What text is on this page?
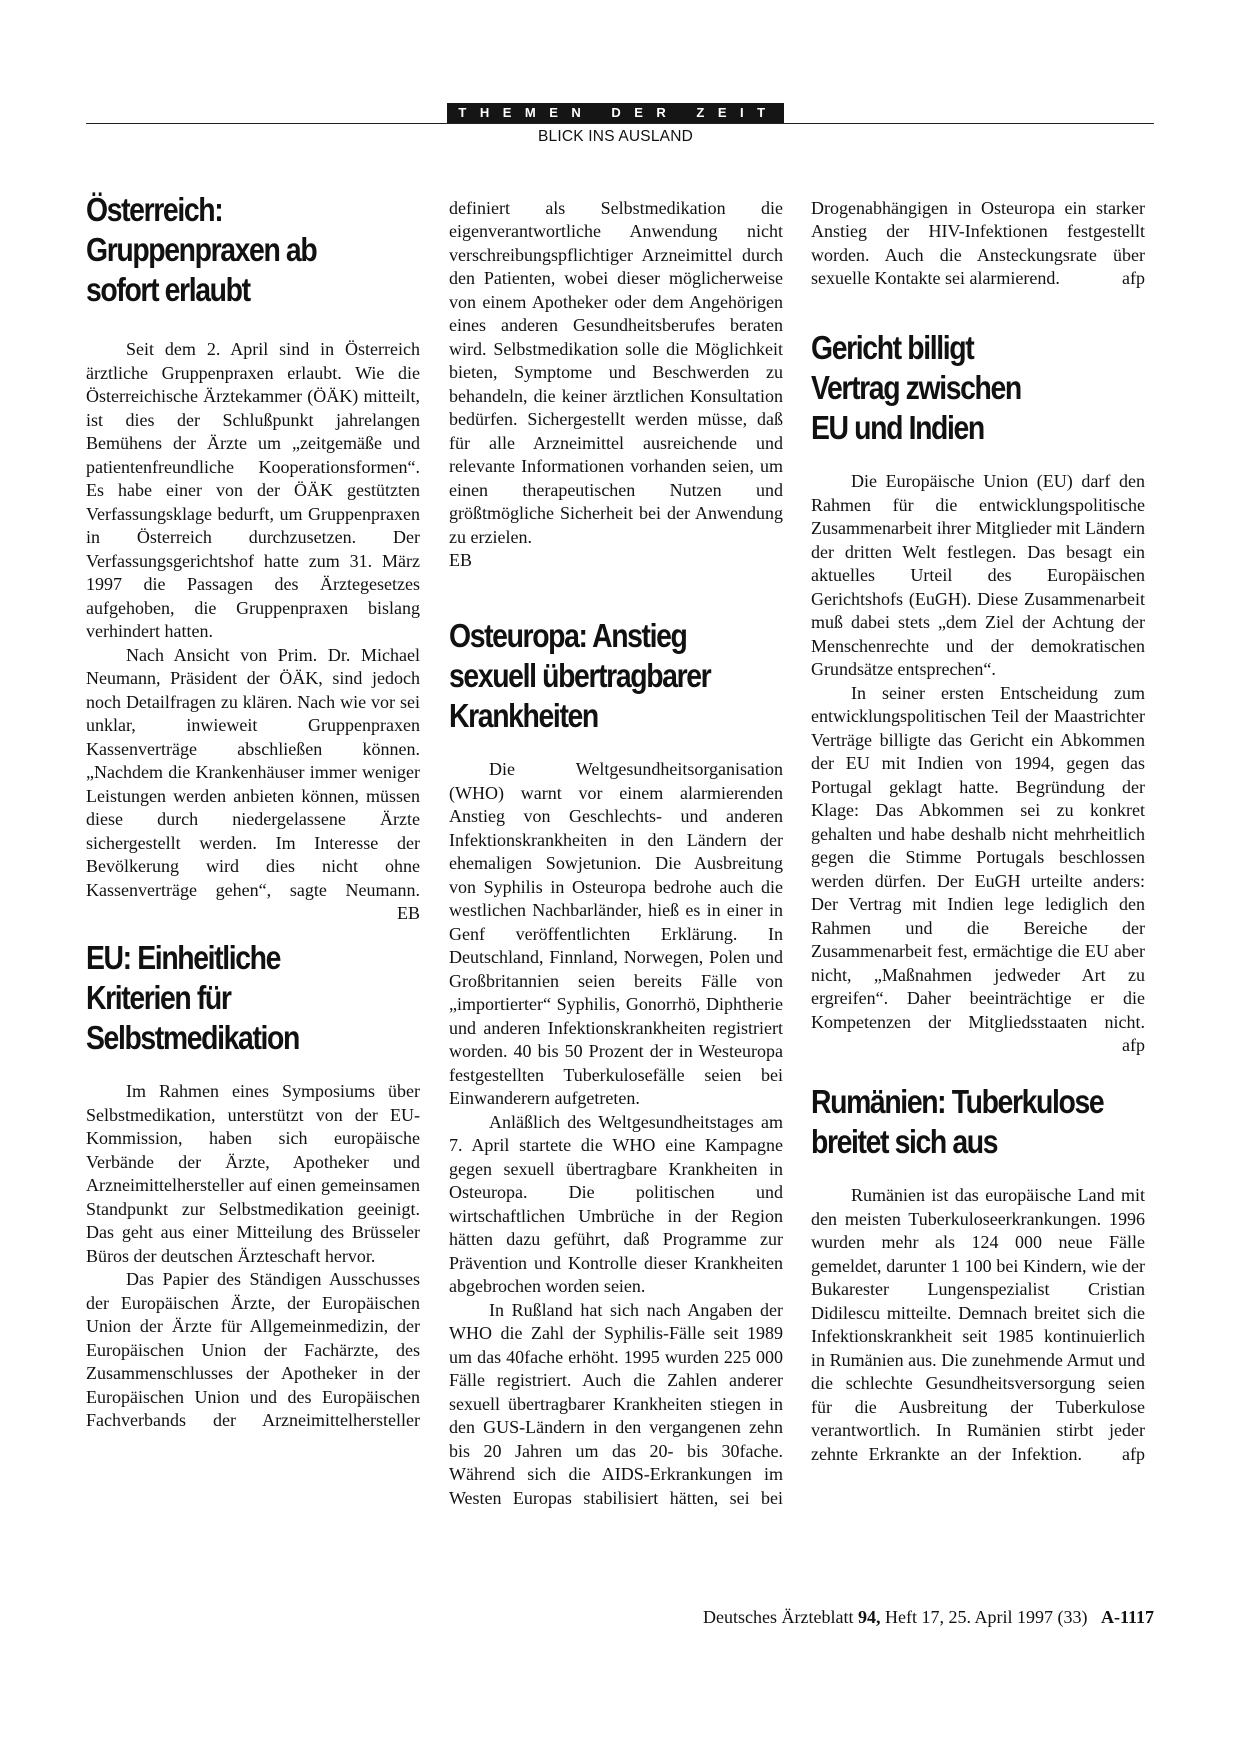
THEMEN DER ZEIT
BLICK INS AUSLAND
Österreich:
Gruppenpraxen ab
sofort erlaubt

Seit dem 2. April sind in Österreich ärztliche Gruppenpraxen erlaubt. Wie die Österreichische Ärztekammer (ÖÄK) mitteilt, ist dies der Schlußpunkt jahrelangen Bemühens der Ärzte um „zeitgemäße und patientenfreundliche Kooperationsformen“. Es habe einer von der ÖÄK gestützten Verfassungsklage bedurft, um Gruppenpraxen in Österreich durchzusetzen. Der Verfassungsgerichtshof hatte zum 31. März 1997 die Passagen des Ärztegesetzes aufgehoben, die Gruppenpraxen bislang verhindert hatten.

Nach Ansicht von Prim. Dr. Michael Neumann, Präsident der ÖÄK, sind jedoch noch Detailfragen zu klären. Nach wie vor sei unklar, inwieweit Gruppenpraxen Kassenverträge abschließen können. „Nachdem die Krankenhäuser immer weniger Leistungen werden anbieten können, müssen diese durch niedergelassene Ärzte sichergestellt werden. Im Interesse der Bevölkerung wird dies nicht ohne Kassenverträge gehen“, sagte Neumann.
EB

EU: Einheitliche
Kriterien für
Selbstmedikation

Im Rahmen eines Symposiums über Selbstmedikation, unterstützt von der EU-Kommission, haben sich europäische Verbände der Ärzte, Apotheker und Arzneimittelhersteller auf einen gemeinsamen Standpunkt zur Selbstmedikation geeinigt. Das geht aus einer Mitteilung des Brüsseler Büros der deutschen Ärzteschaft hervor.

Das Papier des Ständigen Ausschusses der Europäischen Ärzte, der Europäischen Union der Ärzte für Allgemeinmedizin, der Europäischen Union der Fachärzte, des Zusammenschlusses der Apotheker in der Europäischen Union und des Europäischen Fachverbands der Arzneimittelhersteller

definiert als Selbstmedikation die eigenverantwortliche Anwendung nicht verschreibungspflichtiger Arzneimittel durch den Patienten, wobei dieser möglicherweise von einem Apotheker oder dem Angehörigen eines anderen Gesundheitsberufes beraten wird. Selbstmedikation solle die Möglichkeit bieten, Symptome und Beschwerden zu behandeln, die keiner ärztlichen Konsultation bedürfen. Sichergestellt werden müsse, daß für alle Arzneimittel ausreichende und relevante Informationen vorhanden seien, um einen therapeutischen Nutzen und größtmögliche Sicherheit bei der Anwendung zu erzielen.

EB
Osteuropa: Anstieg
sexuell übertragbarer
Krankheiten

Die Weltgesundheitsorganisation (WHO) warnt vor einem alarmierenden Anstieg von Geschlechts- und anderen Infektionskrankheiten in den Ländern der ehemaligen Sowjetunion. Die Ausbreitung von Syphilis in Osteuropa bedrohe auch die westlichen Nachbarländer, hieß es in einer in Genf veröffentlichten Erklärung. In Deutschland, Finnland, Norwegen, Polen und Großbritannien seien bereits Fälle von „importierter“ Syphilis, Gonorrhö, Diphtherie und anderen Infektionskrankheiten registriert worden. 40 bis 50 Prozent der in Westeuropa festgestellten Tuberkulosefälle seien bei Einwanderern aufgetreten.

Anläßlich des Weltgesundheitstages am 7. April startete die WHO eine Kampagne gegen sexuell übertragbare Krankheiten in Osteuropa. Die politischen und wirtschaftlichen Umbrüche in der Region hätten dazu geführt, daß Programme zur Prävention und Kontrolle dieser Krankheiten abgebrochen worden seien.

In Rußland hat sich nach Angaben der WHO die Zahl der Syphilis-Fälle seit 1989 um das 40fache erhöht. 1995 wurden 225 000 Fälle registriert. Auch die Zahlen anderer sexuell übertragbarer Krankheiten stiegen in den GUS-Ländern in den vergangenen zehn bis 20 Jahren um das 20- bis 30fache. Während sich die AIDS-Erkrankungen im Westen Europas stabilisiert hätten, sei bei

Drogenabhängigen in Osteuropa ein starker Anstieg der HIV-Infektionen festgestellt worden. Auch die Ansteckungsrate über sexuelle Kontakte sei alarmierend.	afp
Gericht billigt
Vertrag zwischen
EU und Indien

Die Europäische Union (EU) darf den Rahmen für die entwicklungspolitische Zusammenarbeit ihrer Mitglieder mit Ländern der dritten Welt festlegen. Das besagt ein aktuelles Urteil des Europäischen Gerichtshofs (EuGH). Diese Zusammenarbeit muß dabei stets „dem Ziel der Achtung der Menschenrechte und der demokratischen Grundsätze entsprechen“.

In seiner ersten Entscheidung zum entwicklungspolitischen Teil der Maastrichter Verträge billigte das Gericht ein Abkommen der EU mit Indien von 1994, gegen das Portugal geklagt hatte. Begründung der Klage: Das Abkommen sei zu konkret gehalten und habe deshalb nicht mehrheitlich gegen die Stimme Portugals beschlossen werden dürfen. Der EuGH urteilte anders: Der Vertrag mit Indien lege lediglich den Rahmen und die Bereiche der Zusammenarbeit fest, ermächtige die EU aber nicht, „Maßnahmen jedweder Art zu ergreifen“. Daher beeinträchtige er die Kompetenzen der Mitgliedsstaaten nicht.
afp

Rumänien: Tuberkulose
breitet sich aus

Rumänien ist das europäische Land mit den meisten Tuberkuloseerkrankungen. 1996 wurden mehr als 124 000 neue Fälle gemeldet, darunter 1 100 bei Kindern, wie der Bukarester Lungenspezialist Cristian Didilescu mitteilte. Demnach breitet sich die Infektionskrankheit seit 1985 kontinuierlich in Rumänien aus. Die zunehmende Armut und die schlechte Gesundheitsversorgung seien für die Ausbreitung der Tuberkulose verantwortlich. In Rumänien stirbt jeder zehnte Erkrankte an der Infektion.	afp

Deutsches Ärzteblatt 94, Heft 17, 25. April 1997 (33) A-1117
